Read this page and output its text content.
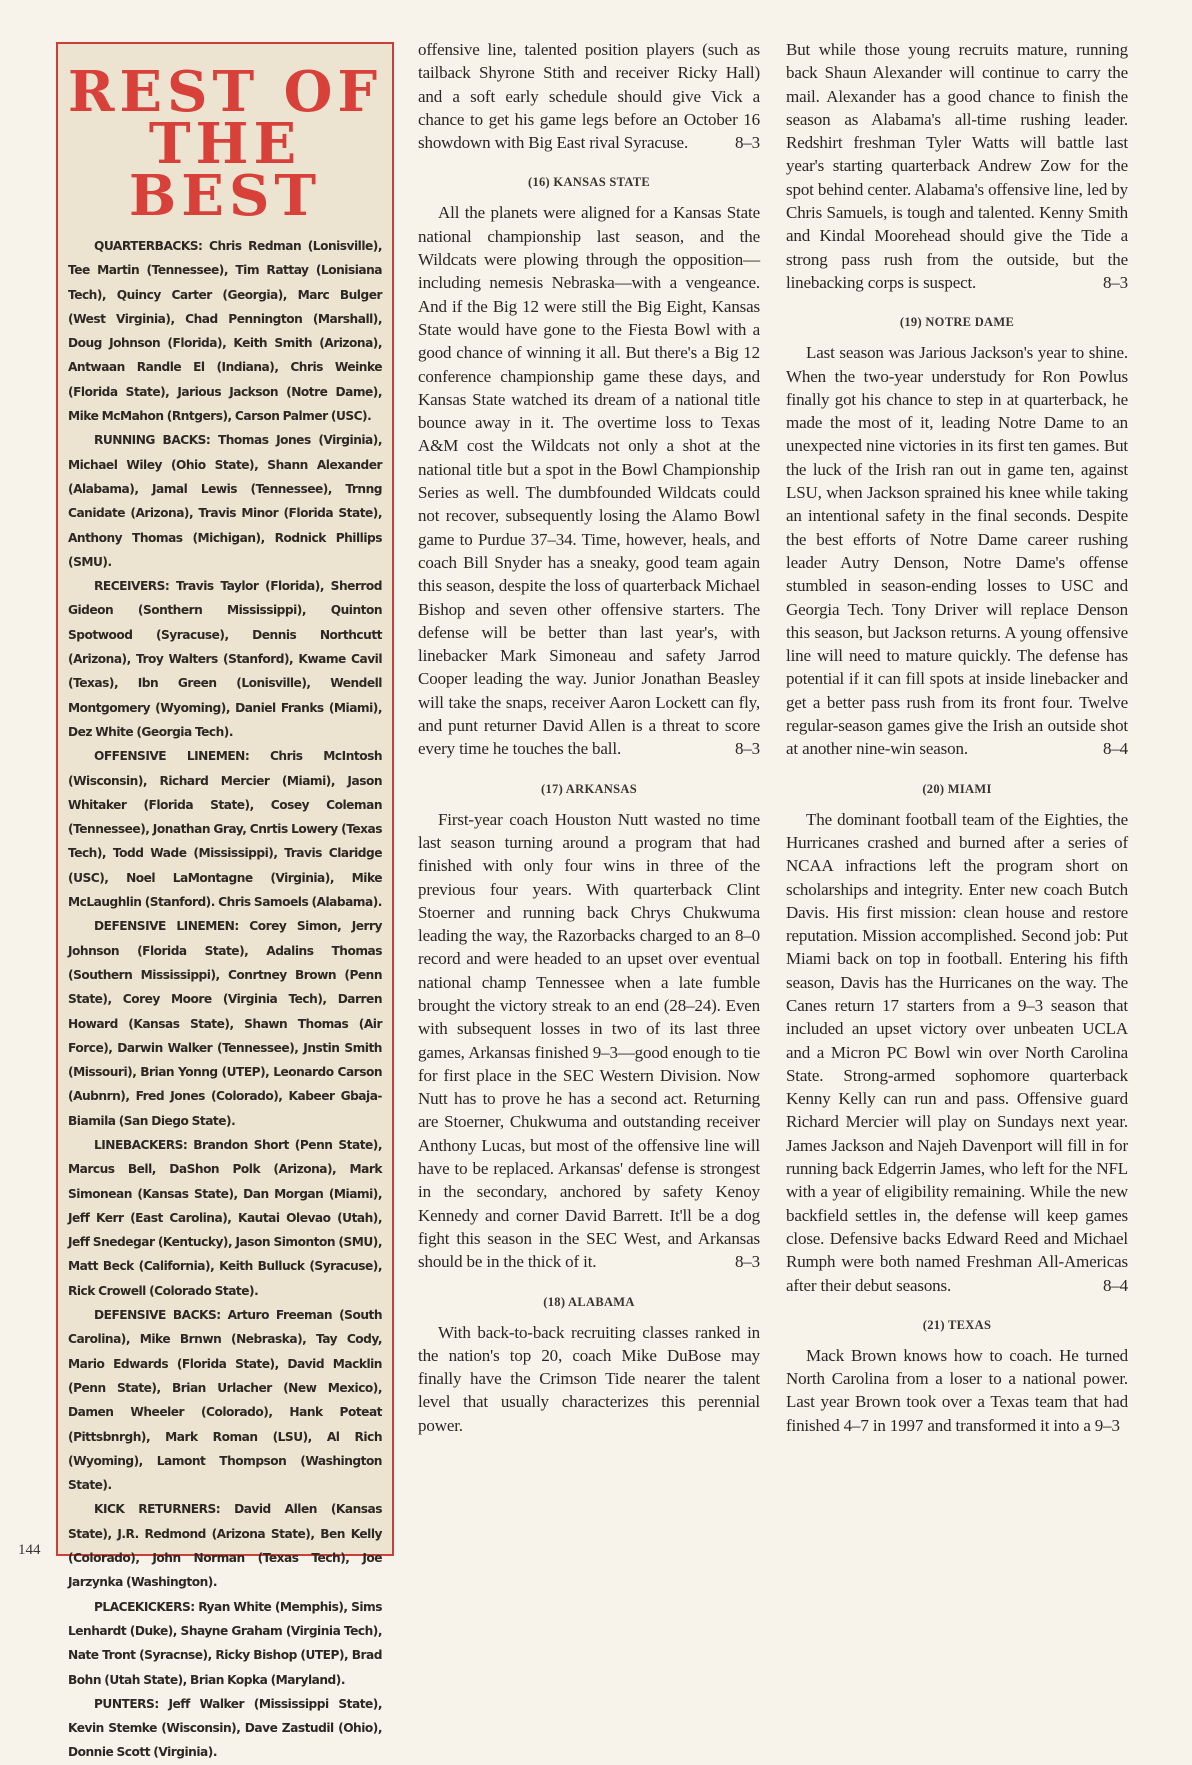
REST OF
THE BEST

QUARTERBACKS: Chris Redman (Lonisville), Tee Martin (Tennessee), Tim Rattay (Lonisiana Tech), Quincy Carter (Georgia), Marc Bulger (West Virginia), Chad Pennington (Marshall), Doug Johnson (Florida), Keith Smith (Arizona), Antwaan Randle El (Indiana), Chris Weinke (Florida State), Jarious Jackson (Notre Dame), Mike McMahon (Rntgers), Carson Palmer (USC).

RUNNING BACKS: Thomas Jones (Virginia), Michael Wiley (Ohio State), Shann Alexander (Alabama), Jamal Lewis (Tennessee), Trnng Canidate (Arizona), Travis Minor (Florida State), Anthony Thomas (Michigan), Rodnick Phillips (SMU).

RECEIVERS: Travis Taylor (Florida), Sherrod Gideon (Sonthern Mississippi), Quinton Spotwood (Syracuse), Dennis Northcutt (Arizona), Troy Walters (Stanford), Kwame Cavil (Texas), Ibn Green (Lonisville), Wendell Montgomery (Wyoming), Daniel Franks (Miami), Dez White (Georgia Tech).

OFFENSIVE LINEMEN: Chris McIntosh (Wisconsin), Richard Mercier (Miami), Jason Whitaker (Florida State), Cosey Coleman (Tennessee), Jonathan Gray, Cnrtis Lowery (Texas Tech), Todd Wade (Mississippi), Travis Claridge (USC), Noel LaMontagne (Virginia), Mike McLaughlin (Stanford). Chris Samoels (Alabama).

DEFENSIVE LINEMEN: Corey Simon, Jerry Johnson (Florida State), Adalins Thomas (Southern Mississippi), Conrtney Brown (Penn State), Corey Moore (Virginia Tech), Darren Howard (Kansas State), Shawn Thomas (Air Force), Darwin Walker (Tennessee), Jnstin Smith (Missouri), Brian Yonng (UTEP), Leonardo Carson (Aubnrn), Fred Jones (Colorado), Kabeer Gbaja-Biamila (San Diego State).

LINEBACKERS: Brandon Short (Penn State), Marcus Bell, DaShon Polk (Arizona), Mark Simonean (Kansas State), Dan Morgan (Miami), Jeff Kerr (East Carolina), Kautai Olevao (Utah), Jeff Snedegar (Kentucky), Jason Simonton (SMU), Matt Beck (California), Keith Bulluck (Syracuse), Rick Crowell (Colorado State).

DEFENSIVE BACKS: Arturo Freeman (South Carolina), Mike Brnwn (Nebraska), Tay Cody, Mario Edwards (Florida State), David Macklin (Penn State), Brian Urlacher (New Mexico), Damen Wheeler (Colorado), Hank Poteat (Pittsbnrgh), Mark Roman (LSU), Al Rich (Wyoming), Lamont Thompson (Washington State).

KICK RETURNERS: David Allen (Kansas State), J.R. Redmond (Arizona State), Ben Kelly (Colorado), John Norman (Texas Tech), Joe Jarzynka (Washington).

PLACEKICKERS: Ryan White (Memphis), Sims Lenhardt (Duke), Shayne Graham (Virginia Tech), Nate Tront (Syracnse), Ricky Bishop (UTEP), Brad Bohn (Utah State), Brian Kopka (Maryland).

PUNTERS: Jeff Walker (Mississippi State), Kevin Stemke (Wisconsin), Dave Zastudil (Ohio), Donnie Scott (Virginia).

144

offensive line, talented position players (such as tailback Shyrone Stith and receiver Ricky Hall) and a soft early schedule should give Vick a chance to get his game legs before an October 16 showdown with Big East rival Syracuse.	8–3

(16) KANSAS STATE

All the planets were aligned for a Kansas State national championship last season, and the Wildcats were plowing through the opposition—including nemesis Nebraska—with a vengeance. And if the Big 12 were still the Big Eight, Kansas State would have gone to the Fiesta Bowl with a good chance of winning it all. But there's a Big 12 conference championship game these days, and Kansas State watched its dream of a national title bounce away in it. The overtime loss to Texas A&M cost the Wildcats not only a shot at the national title but a spot in the Bowl Championship Series as well. The dumbfounded Wildcats could not recover, subsequently losing the Alamo Bowl game to Purdue 37–34. Time, however, heals, and coach Bill Snyder has a sneaky, good team again this season, despite the loss of quarterback Michael Bishop and seven other offensive starters. The defense will be better than last year's, with linebacker Mark Simoneau and safety Jarrod Cooper leading the way. Junior Jonathan Beasley will take the snaps, receiver Aaron Lockett can fly, and punt returner David Allen is a threat to score every time he touches the ball.	8–3

(17) ARKANSAS

First-year coach Houston Nutt wasted no time last season turning around a program that had finished with only four wins in three of the previous four years. With quarterback Clint Stoerner and running back Chrys Chukwuma leading the way, the Razorbacks charged to an 8–0 record and were headed to an upset over eventual national champ Tennessee when a late fumble brought the victory streak to an end (28–24). Even with subsequent losses in two of its last three games, Arkansas finished 9–3—good enough to tie for first place in the SEC Western Division. Now Nutt has to prove he has a second act. Returning are Stoerner, Chukwuma and outstanding receiver Anthony Lucas, but most of the offensive line will have to be replaced. Arkansas' defense is strongest in the secondary, anchored by safety Kenoy Kennedy and corner David Barrett. It'll be a dog fight this season in the SEC West, and Arkansas should be in the thick of it.	8–3

(18) ALABAMA

With back-to-back recruiting classes ranked in the nation's top 20, coach Mike DuBose may finally have the Crimson Tide nearer the talent level that usually characterizes this perennial power.

But while those young recruits mature, running back Shaun Alexander will continue to carry the mail. Alexander has a good chance to finish the season as Alabama's all-time rushing leader. Redshirt freshman Tyler Watts will battle last year's starting quarterback Andrew Zow for the spot behind center. Alabama's offensive line, led by Chris Samuels, is tough and talented. Kenny Smith and Kindal Moorehead should give the Tide a strong pass rush from the outside, but the linebacking corps is suspect.	8–3

(19) NOTRE DAME

Last season was Jarious Jackson's year to shine. When the two-year understudy for Ron Powlus finally got his chance to step in at quarterback, he made the most of it, leading Notre Dame to an unexpected nine victories in its first ten games. But the luck of the Irish ran out in game ten, against LSU, when Jackson sprained his knee while taking an intentional safety in the final seconds. Despite the best efforts of Notre Dame career rushing leader Autry Denson, Notre Dame's offense stumbled in season-ending losses to USC and Georgia Tech. Tony Driver will replace Denson this season, but Jackson returns. A young offensive line will need to mature quickly. The defense has potential if it can fill spots at inside linebacker and get a better pass rush from its front four. Twelve regular-season games give the Irish an outside shot at another nine-win season.	8–4

(20) MIAMI

The dominant football team of the Eighties, the Hurricanes crashed and burned after a series of NCAA infractions left the program short on scholarships and integrity. Enter new coach Butch Davis. His first mission: clean house and restore reputation. Mission accomplished. Second job: Put Miami back on top in football. Entering his fifth season, Davis has the Hurricanes on the way. The Canes return 17 starters from a 9–3 season that included an upset victory over unbeaten UCLA and a Micron PC Bowl win over North Carolina State. Strong-armed sophomore quarterback Kenny Kelly can run and pass. Offensive guard Richard Mercier will play on Sundays next year. James Jackson and Najeh Davenport will fill in for running back Edgerrin James, who left for the NFL with a year of eligibility remaining. While the new backfield settles in, the defense will keep games close. Defensive backs Edward Reed and Michael Rumph were both named Freshman All-Americas after their debut seasons.	8–4

(21) TEXAS

Mack Brown knows how to coach. He turned North Carolina from a loser to a national power. Last year Brown took over a Texas team that had finished 4–7 in 1997 and transformed it into a 9–3
